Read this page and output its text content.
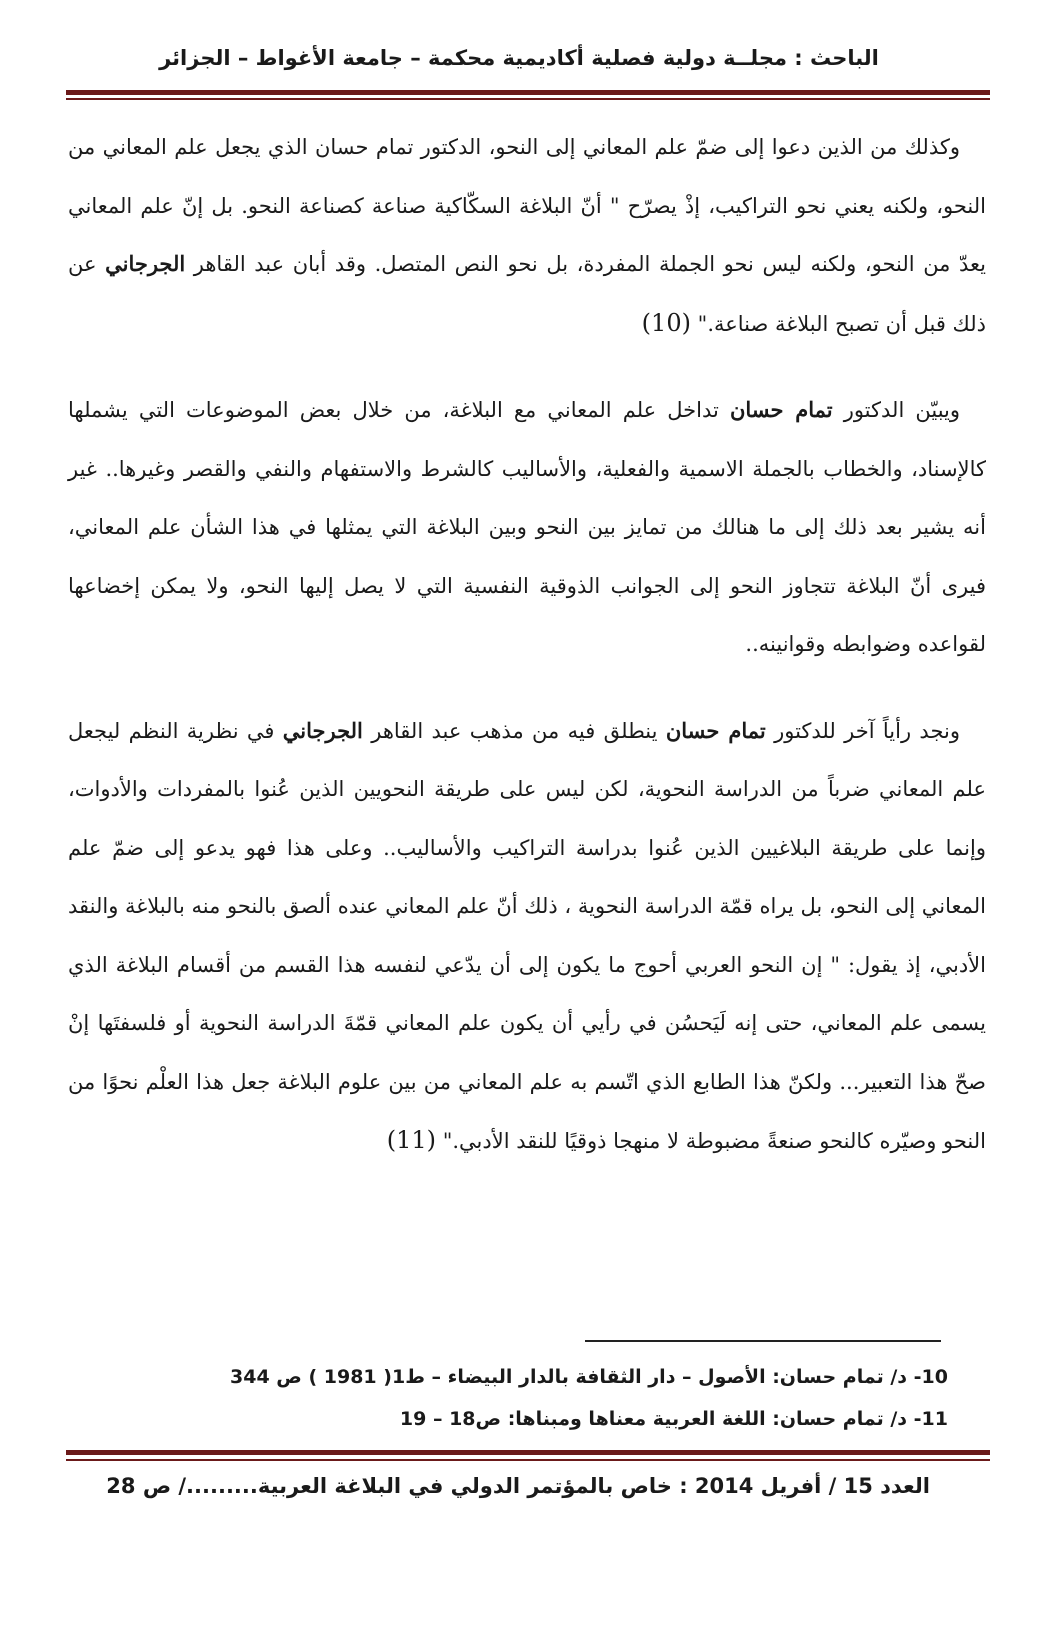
الباحث : مجلــة دولية فصلية أكاديمية محكمة – جامعة الأغواط – الجزائر

وكذلك من الذين دعوا إلى ضمّ علم المعاني إلى النحو، الدكتور تمام حسان الذي يجعل علم المعاني من النحو، ولكنه يعني نحو التراكيب، إذْ يصرّح " أنّ البلاغة السكّاكية صناعة كصناعة النحو. بل إنّ علم المعاني يعدّ من النحو، ولكنه ليس نحو الجملة المفردة، بل نحو النص المتصل. وقد أبان عبد القاهر الجرجاني عن ذلك قبل أن تصبح البلاغة صناعة." (10)

ويبيّن الدكتور تمام حسان تداخل علم المعاني مع البلاغة، من خلال بعض الموضوعات التي يشملها كالإسناد، والخطاب بالجملة الاسمية والفعلية، والأساليب كالشرط والاستفهام والنفي والقصر وغيرها.. غير أنه يشير بعد ذلك إلى ما هنالك من تمايز بين النحو وبين البلاغة التي يمثلها في هذا الشأن علم المعاني، فيرى أنّ البلاغة تتجاوز النحو إلى الجوانب الذوقية النفسية التي لا يصل إليها النحو، ولا يمكن إخضاعها لقواعده وضوابطه وقوانينه..

ونجد رأياً آخر للدكتور تمام حسان ينطلق فيه من مذهب عبد القاهر الجرجاني في نظرية النظم ليجعل علم المعاني ضرباً من الدراسة النحوية، لكن ليس على طريقة النحويين الذين عُنوا بالمفردات والأدوات، وإنما على طريقة البلاغيين الذين عُنوا بدراسة التراكيب والأساليب.. وعلى هذا فهو يدعو إلى ضمّ علم المعاني إلى النحو، بل يراه قمّة الدراسة النحوية ، ذلك أنّ علم المعاني عنده ألصق بالنحو منه بالبلاغة والنقد الأدبي، إذ يقول: " إن النحو العربي أحوج ما يكون إلى أن يدّعي لنفسه هذا القسم من أقسام البلاغة الذي يسمى علم المعاني، حتى إنه لَيَحسُن في رأيي أن يكون علم المعاني قمّةَ الدراسة النحوية أو فلسفتَها إنْ صحّ هذا التعبير... ولكنّ هذا الطابع الذي اتّسم به علم المعاني من بين علوم البلاغة جعل هذا العلْم نحوًا من النحو وصيّره كالنحو صنعةً مضبوطة لا منهجا ذوقيًا للنقد الأدبي." (11)

10- د/ تمام حسان: الأصول – دار الثقافة بالدار البيضاء – ط1( 1981 ) ص 344
11- د/ تمام حسان: اللغة العربية معناها ومبناها: ص18 – 19
العدد 15 / أفريل 2014 : خاص بالمؤتمر الدولي في البلاغة العربية........./ ص 28
